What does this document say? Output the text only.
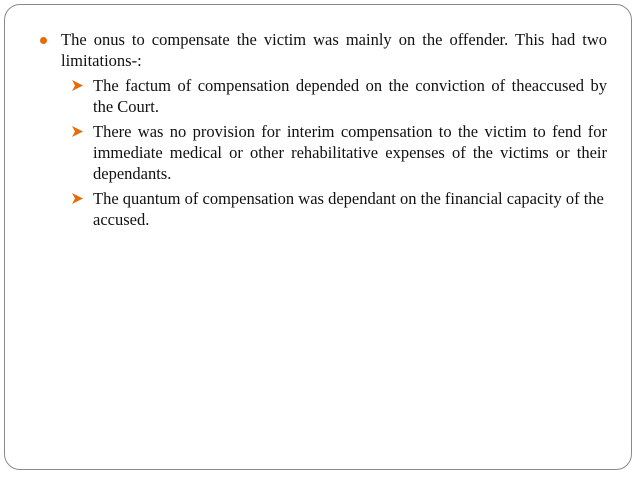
The onus to compensate the victim was mainly on the offender. This had two limitations-:
The factum of compensation depended on the conviction of theaccused by the Court.
There was no provision for interim compensation to the victim to fend for immediate medical or other rehabilitative expenses of the victims or their dependants.
The quantum of compensation was dependant on the financial capacity of the accused.
